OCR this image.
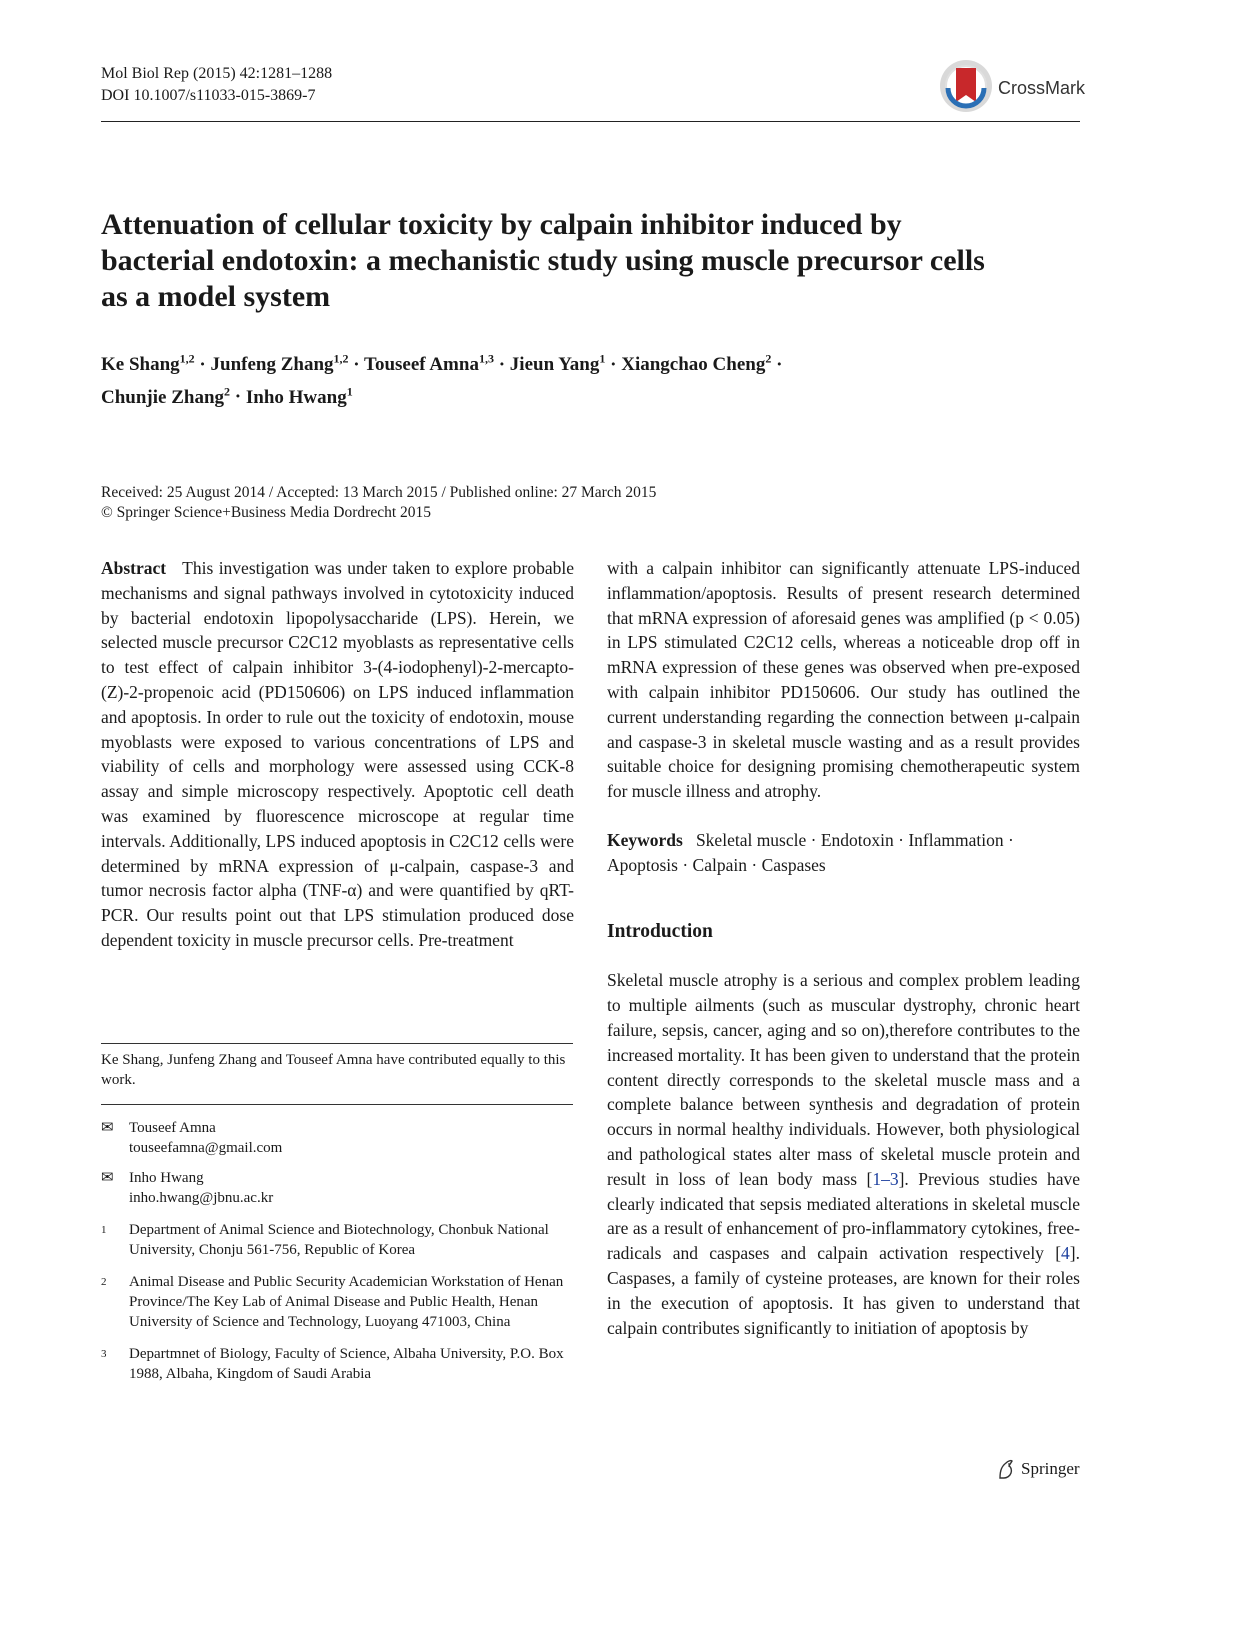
Mol Biol Rep (2015) 42:1281–1288
DOI 10.1007/s11033-015-3869-7	CrossMark
Attenuation of cellular toxicity by calpain inhibitor induced by bacterial endotoxin: a mechanistic study using muscle precursor cells as a model system
Ke Shang$^{1,2}$ · Junfeng Zhang$^{1,2}$ · Touseef Amna$^{1,3}$ · Jieun Yang$^1$ · Xiangchao Cheng$^2$ ·
Chunjie Zhang$^2$ · Inho Hwang$^1$
Received: 25 August 2014 / Accepted: 13 March 2015 / Published online: 27 March 2015
© Springer Science+Business Media Dordrecht 2015
Abstract This investigation was under taken to explore probable mechanisms and signal pathways involved in cytotoxicity induced by bacterial endotoxin lipopolysaccharide (LPS). Herein, we selected muscle precursor C2C12 myoblasts as representative cells to test effect of calpain inhibitor 3-(4-iodophenyl)-2-mercapto-(Z)-2-propenoic acid (PD150606) on LPS induced inflammation and apoptosis. In order to rule out the toxicity of endotoxin, mouse myoblasts were exposed to various concentrations of LPS and viability of cells and morphology were assessed using CCK-8 assay and simple microscopy respectively. Apoptotic cell death was examined by fluorescence microscope at regular time intervals. Additionally, LPS induced apoptosis in C2C12 cells were determined by mRNA expression of μ-calpain, caspase-3 and tumor necrosis factor alpha (TNF-α) and were quantified by qRT-PCR. Our results point out that LPS stimulation produced dose dependent toxicity in muscle precursor cells. Pre-treatment
with a calpain inhibitor can significantly attenuate LPS-induced inflammation/apoptosis. Results of present research determined that mRNA expression of aforesaid genes was amplified (p < 0.05) in LPS stimulated C2C12 cells, whereas a noticeable drop off in mRNA expression of these genes was observed when pre-exposed with calpain inhibitor PD150606. Our study has outlined the current understanding regarding the connection between μ-calpain and caspase-3 in skeletal muscle wasting and as a result provides suitable choice for designing promising chemotherapeutic system for muscle illness and atrophy.
Keywords Skeletal muscle · Endotoxin · Inflammation · Apoptosis · Calpain · Caspases
Introduction
Skeletal muscle atrophy is a serious and complex problem leading to multiple ailments (such as muscular dystrophy, chronic heart failure, sepsis, cancer, aging and so on),therefore contributes to the increased mortality. It has been given to understand that the protein content directly corresponds to the skeletal muscle mass and a complete balance between synthesis and degradation of protein occurs in normal healthy individuals. However, both physiological and pathological states alter mass of skeletal muscle protein and result in loss of lean body mass [1–3]. Previous studies have clearly indicated that sepsis mediated alterations in skeletal muscle are as a result of enhancement of pro-inflammatory cytokines, free-radicals and caspases and calpain activation respectively [4]. Caspases, a family of cysteine proteases, are known for their roles in the execution of apoptosis. It has given to understand that calpain contributes significantly to initiation of apoptosis by
Ke Shang, Junfeng Zhang and Touseef Amna have contributed equally to this work.
✉	Touseef Amna
touseefamna@gmail.com
✉	Inho Hwang
inho.hwang@jbnu.ac.kr
1	Department of Animal Science and Biotechnology, Chonbuk National University, Chonju 561-756, Republic of Korea
2	Animal Disease and Public Security Academician Workstation of Henan Province/The Key Lab of Animal Disease and Public Health, Henan University of Science and Technology, Luoyang 471003, China
3	Departmnet of Biology, Faculty of Science, Albaha University, P.O. Box 1988, Albaha, Kingdom of Saudi Arabia
Springer
